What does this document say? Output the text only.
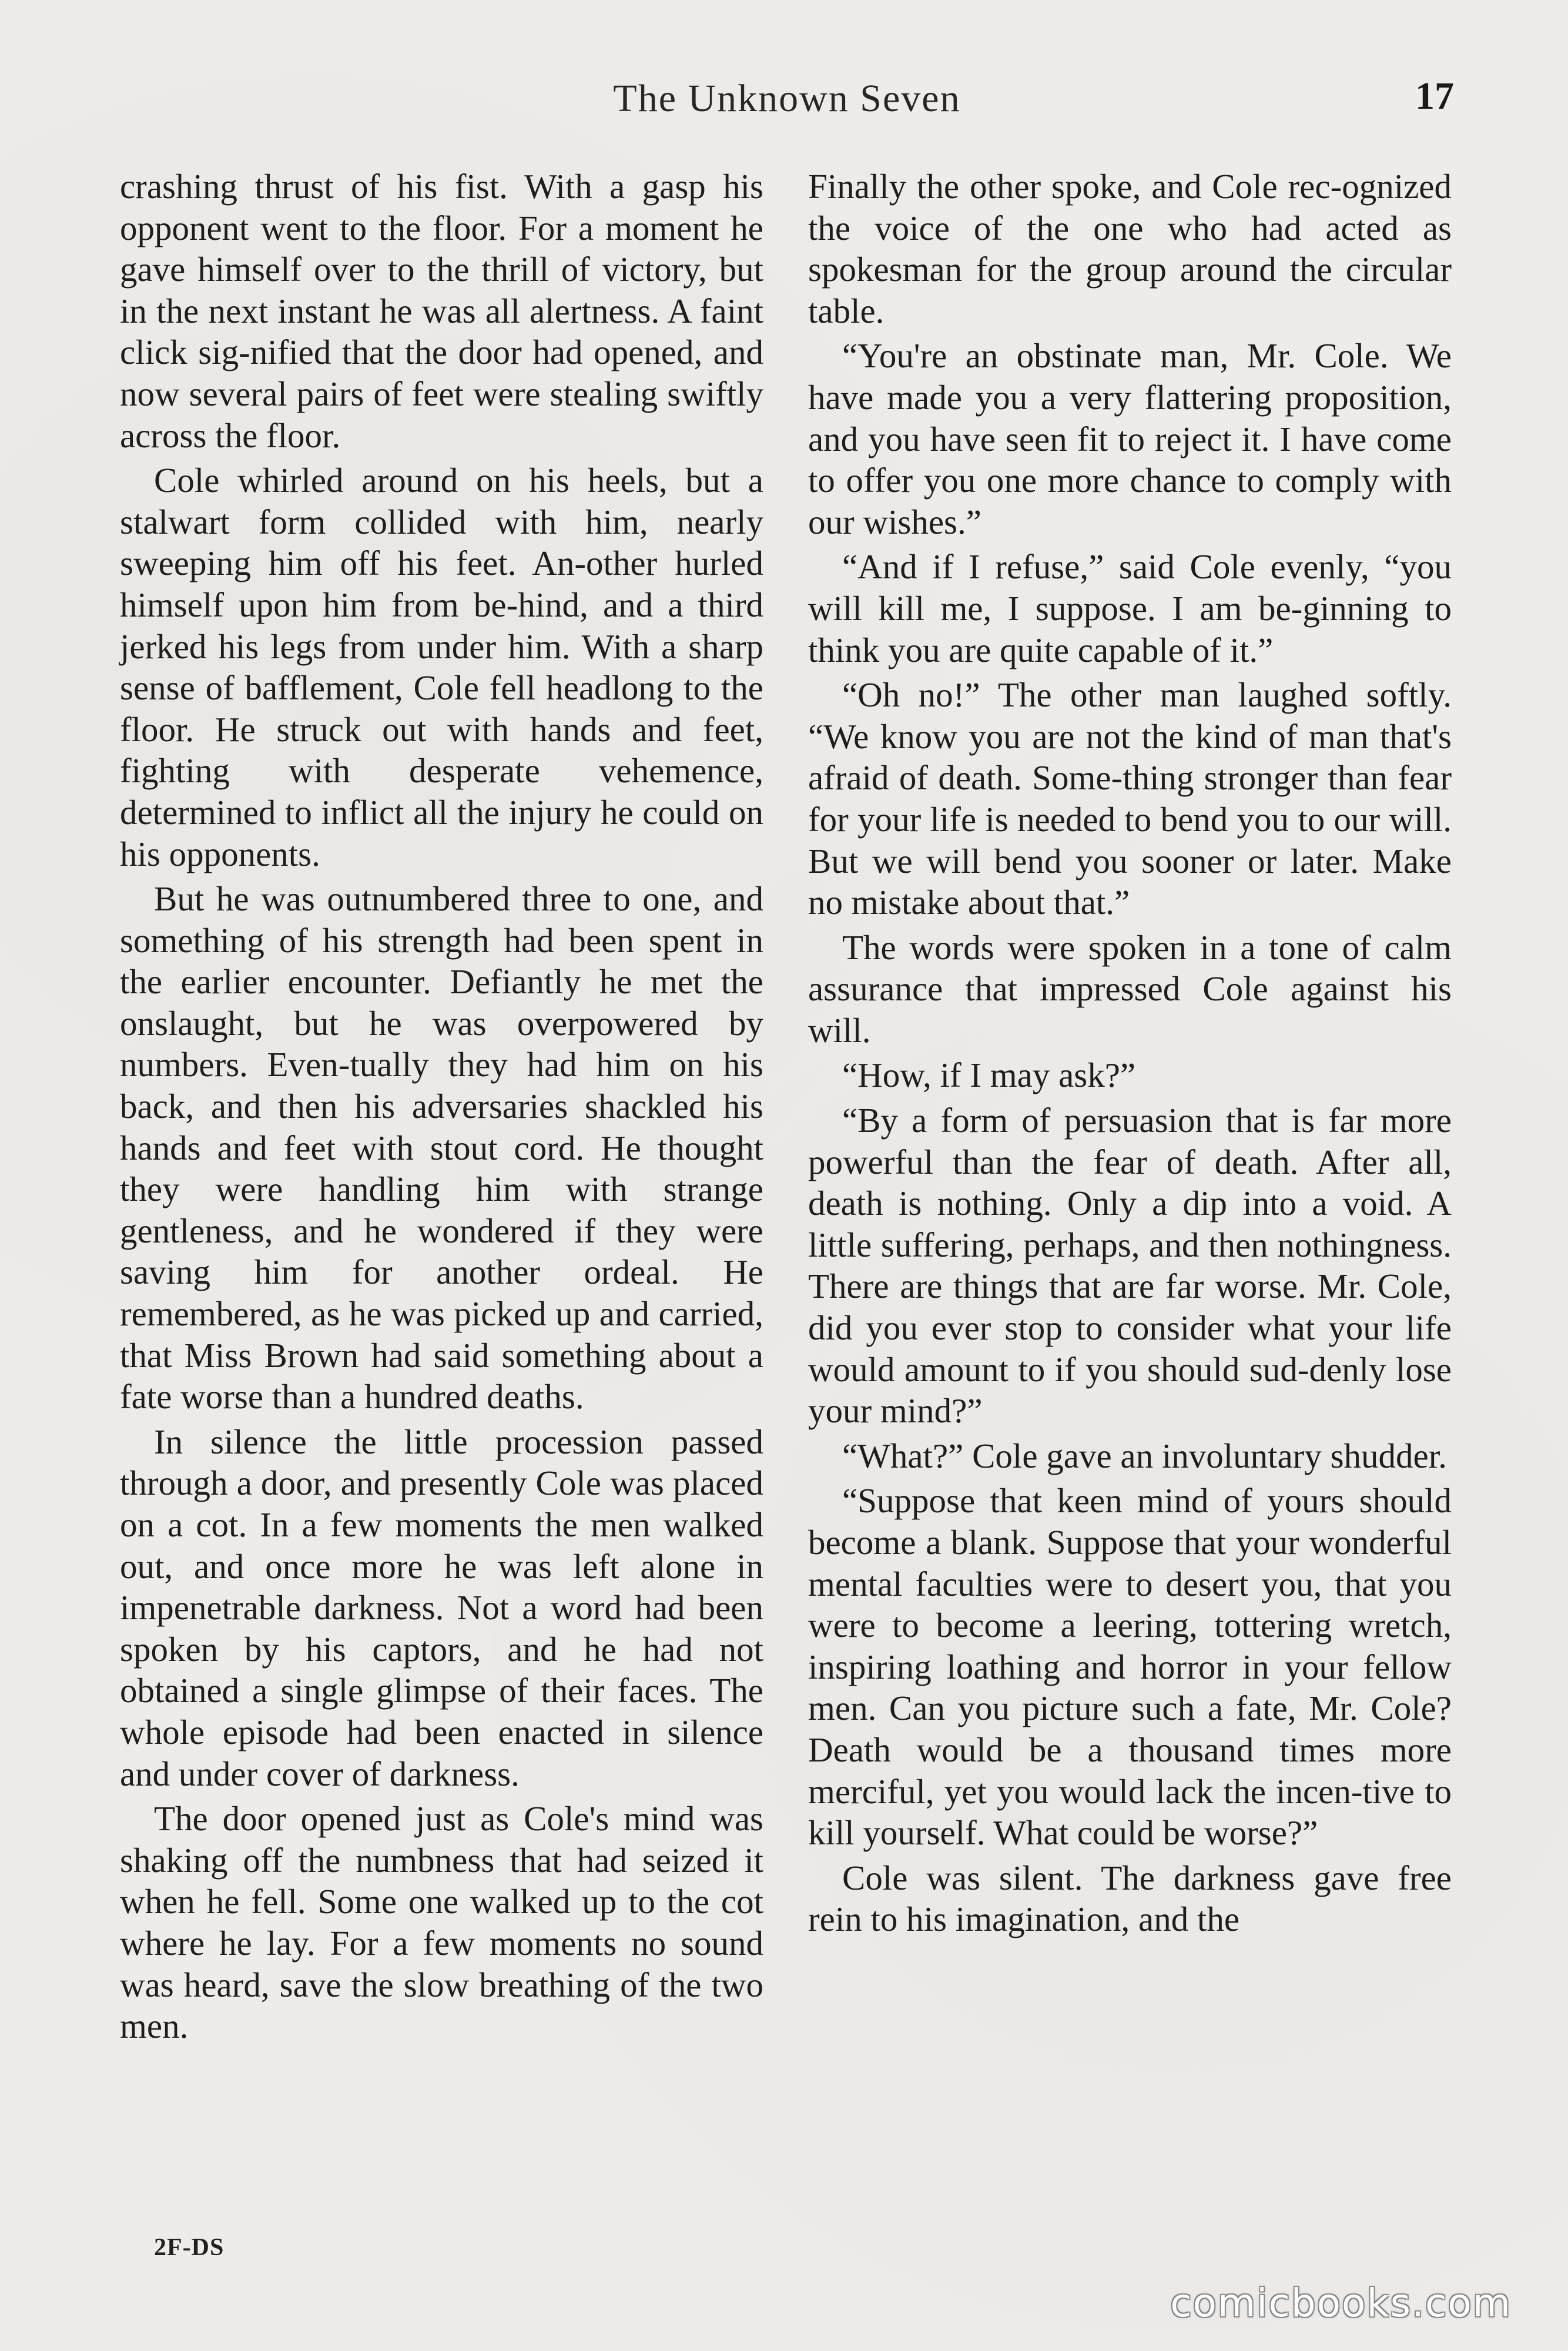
The Unknown Seven	17

crashing thrust of his fist. With a gasp his opponent went to the floor. For a moment he gave himself over to the thrill of victory, but in the next instant he was all alertness. A faint click sig-nified that the door had opened, and now several pairs of feet were stealing swiftly across the floor.

Cole whirled around on his heels, but a stalwart form collided with him, nearly sweeping him off his feet. An-other hurled himself upon him from be-hind, and a third jerked his legs from under him. With a sharp sense of bafflement, Cole fell headlong to the floor. He struck out with hands and feet, fighting with desperate vehemence, determined to inflict all the injury he could on his opponents.

But he was outnumbered three to one, and something of his strength had been spent in the earlier encounter. Defiantly he met the onslaught, but he was overpowered by numbers. Even-tually they had him on his back, and then his adversaries shackled his hands and feet with stout cord. He thought they were handling him with strange gentleness, and he wondered if they were saving him for another ordeal. He remembered, as he was picked up and carried, that Miss Brown had said something about a fate worse than a hundred deaths.

In silence the little procession passed through a door, and presently Cole was placed on a cot. In a few moments the men walked out, and once more he was left alone in impenetrable darkness. Not a word had been spoken by his captors, and he had not obtained a single glimpse of their faces. The whole episode had been enacted in silence and under cover of darkness.

The door opened just as Cole's mind was shaking off the numbness that had seized it when he fell. Some one walked up to the cot where he lay. For a few moments no sound was heard, save the slow breathing of the two men.

Finally the other spoke, and Cole rec-ognized the voice of the one who had acted as spokesman for the group around the circular table.

“You're an obstinate man, Mr. Cole. We have made you a very flattering proposition, and you have seen fit to reject it. I have come to offer you one more chance to comply with our wishes.”

“And if I refuse,” said Cole evenly, “you will kill me, I suppose. I am be-ginning to think you are quite capable of it.”

“Oh no!” The other man laughed softly. “We know you are not the kind of man that's afraid of death. Some-thing stronger than fear for your life is needed to bend you to our will. But we will bend you sooner or later. Make no mistake about that.”

The words were spoken in a tone of calm assurance that impressed Cole against his will.

“How, if I may ask?”

“By a form of persuasion that is far more powerful than the fear of death. After all, death is nothing. Only a dip into a void. A little suffering, perhaps, and then nothingness. There are things that are far worse. Mr. Cole, did you ever stop to consider what your life would amount to if you should sud-denly lose your mind?”

“What?” Cole gave an involuntary shudder.

“Suppose that keen mind of yours should become a blank. Suppose that your wonderful mental faculties were to desert you, that you were to become a leering, tottering wretch, inspiring loathing and horror in your fellow men. Can you picture such a fate, Mr. Cole? Death would be a thousand times more merciful, yet you would lack the incen-tive to kill yourself. What could be worse?”

Cole was silent. The darkness gave free rein to his imagination, and the

2F-DS
comicbooks.com
